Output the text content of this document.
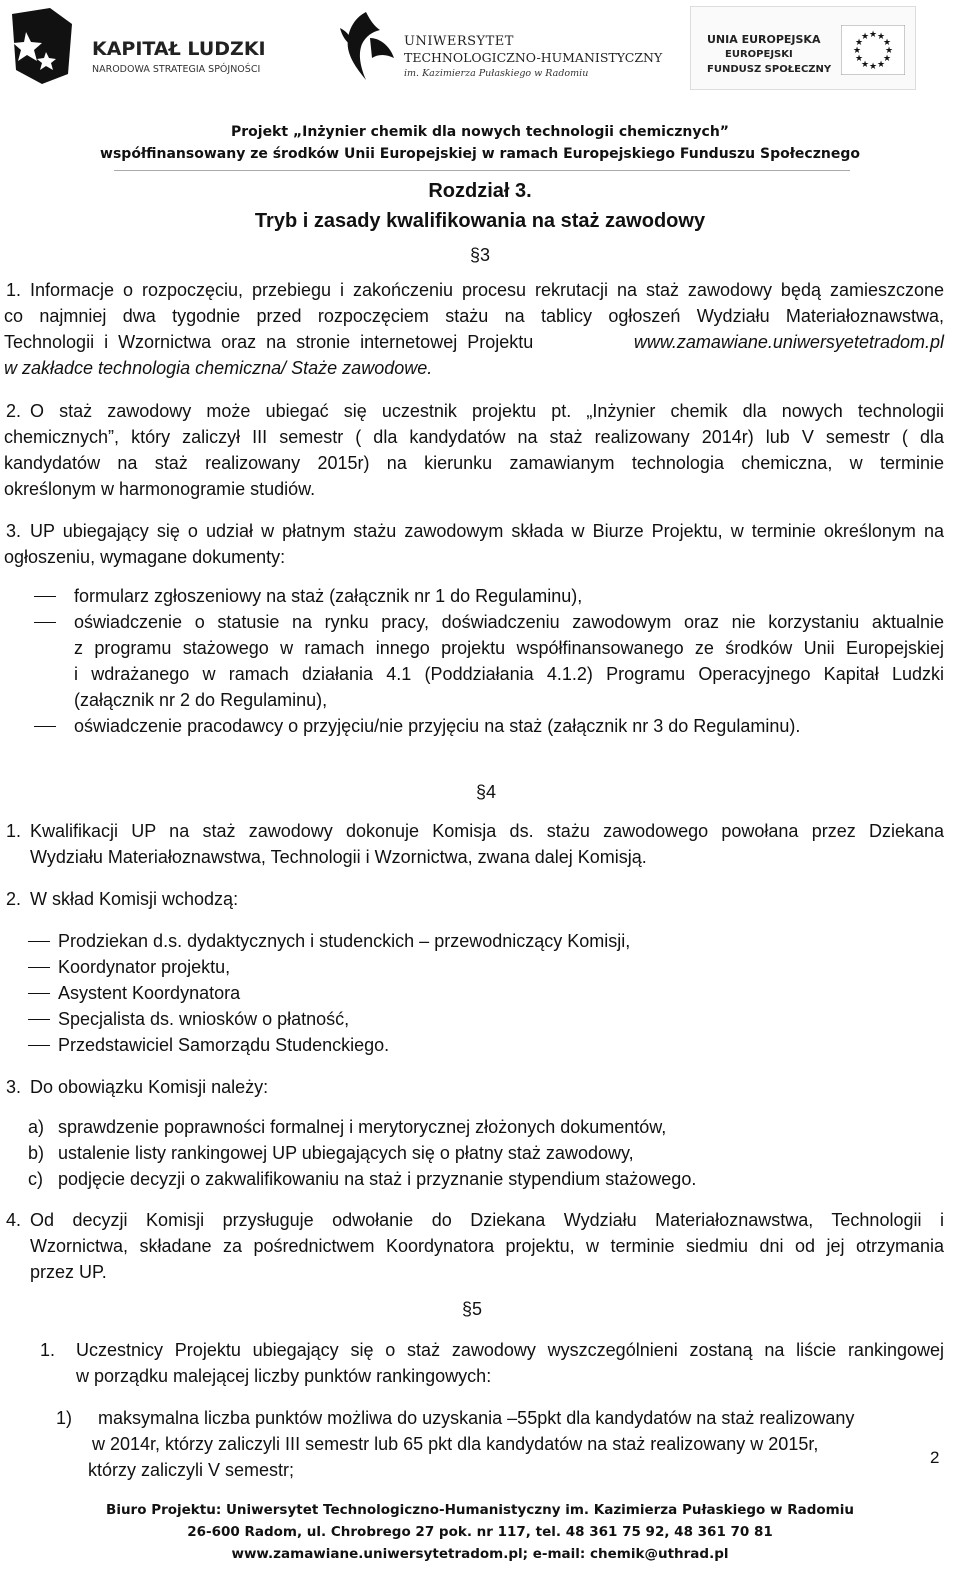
KAPITAŁ LUDZKI
NARODOWA STRATEGIA SPÓJNOŚCI
UNIWERSYTET
TECHNOLOGICZNO-HUMANISTYCZNY
im. Kazimierza Pułaskiego w Radomiu
UNIA EUROPEJSKA
EUROPEJSKI
FUNDUSZ SPOŁECZNY
★ ★
★
★
★
★
★
★
★
★
★
★
Projekt „Inżynier chemik dla nowych technologii chemicznych”
współfinansowany ze środków Unii Europejskiej w ramach Europejskiego Funduszu Społecznego
Rozdział 3.
Tryb i zasady kwalifikowania na staż zawodowy
§3
1. Informacje o rozpoczęciu, przebiegu i zakończeniu procesu rekrutacji na staż zawodowy będą zamieszczone
co najmniej dwa tygodnie przed rozpoczęciem stażu na tablicy ogłoszeń Wydziału Materiałoznawstwa,
Technologii i Wzornictwa oraz na stronie internetowej Projektu	www.zamawiane.uniwersyetetradom.pl
w zakładce technologia chemiczna/ Staże zawodowe.
2. O staż zawodowy może ubiegać się uczestnik projektu pt. „Inżynier chemik dla nowych technologii
chemicznych”, który zaliczył III semestr ( dla kandydatów na staż realizowany 2014r) lub V semestr ( dla
kandydatów na staż realizowany 2015r) na kierunku zamawianym technologia chemiczna, w terminie
określonym w harmonogramie studiów.
3. UP ubiegający się o udział w płatnym stażu zawodowym składa w Biurze Projektu, w terminie określonym na
ogłoszeniu, wymagane dokumenty:
formularz zgłoszeniowy na staż (załącznik nr 1 do Regulaminu),
oświadczenie o statusie na rynku pracy, doświadczeniu zawodowym oraz nie korzystaniu aktualnie
z programu stażowego w ramach innego projektu współfinansowanego ze środków Unii Europejskiej
i wdrażanego w ramach działania 4.1 (Poddziałania 4.1.2) Programu Operacyjnego Kapitał Ludzki
(załącznik nr 2 do Regulaminu),
oświadczenie pracodawcy o przyjęciu/nie przyjęciu na staż (załącznik nr 3 do Regulaminu).
§4
1. Kwalifikacji UP na staż zawodowy dokonuje Komisja ds. stażu zawodowego powołana przez Dziekana
Wydziału Materiałoznawstwa, Technologii i Wzornictwa, zwana dalej Komisją.
2. W skład Komisji wchodzą:
Prodziekan d.s. dydaktycznych i studenckich – przewodniczący Komisji,
Koordynator projektu,
Asystent Koordynatora
Specjalista ds. wniosków o płatność,
Przedstawiciel Samorządu Studenckiego.
3. Do obowiązku Komisji należy:
a) sprawdzenie poprawności formalnej i merytorycznej złożonych dokumentów,
b) ustalenie listy rankingowej UP ubiegających się o płatny staż zawodowy,
c) podjęcie decyzji o zakwalifikowaniu na staż i przyznanie stypendium stażowego.
4. Od decyzji Komisji przysługuje odwołanie do Dziekana Wydziału Materiałoznawstwa, Technologii i
Wzornictwa, składane za pośrednictwem Koordynatora projektu, w terminie siedmiu dni od jej otrzymania
przez UP.
§5
1. Uczestnicy Projektu ubiegający się o staż zawodowy wyszczególnieni zostaną na liście rankingowej
w porządku malejącej liczby punktów rankingowych:
1) maksymalna liczba punktów możliwa do uzyskania –55pkt dla kandydatów na staż realizowany
w 2014r, którzy zaliczyli III semestr lub 65 pkt dla kandydatów na staż realizowany w 2015r,
którzy zaliczyli V semestr;
2
Biuro Projektu: Uniwersytet Technologiczno-Humanistyczny im. Kazimierza Pułaskiego w Radomiu
26-600 Radom, ul. Chrobrego 27 pok. nr 117, tel. 48 361 75 92, 48 361 70 81
www.zamawiane.uniwersytetradom.pl; e-mail: chemik@uthrad.pl
